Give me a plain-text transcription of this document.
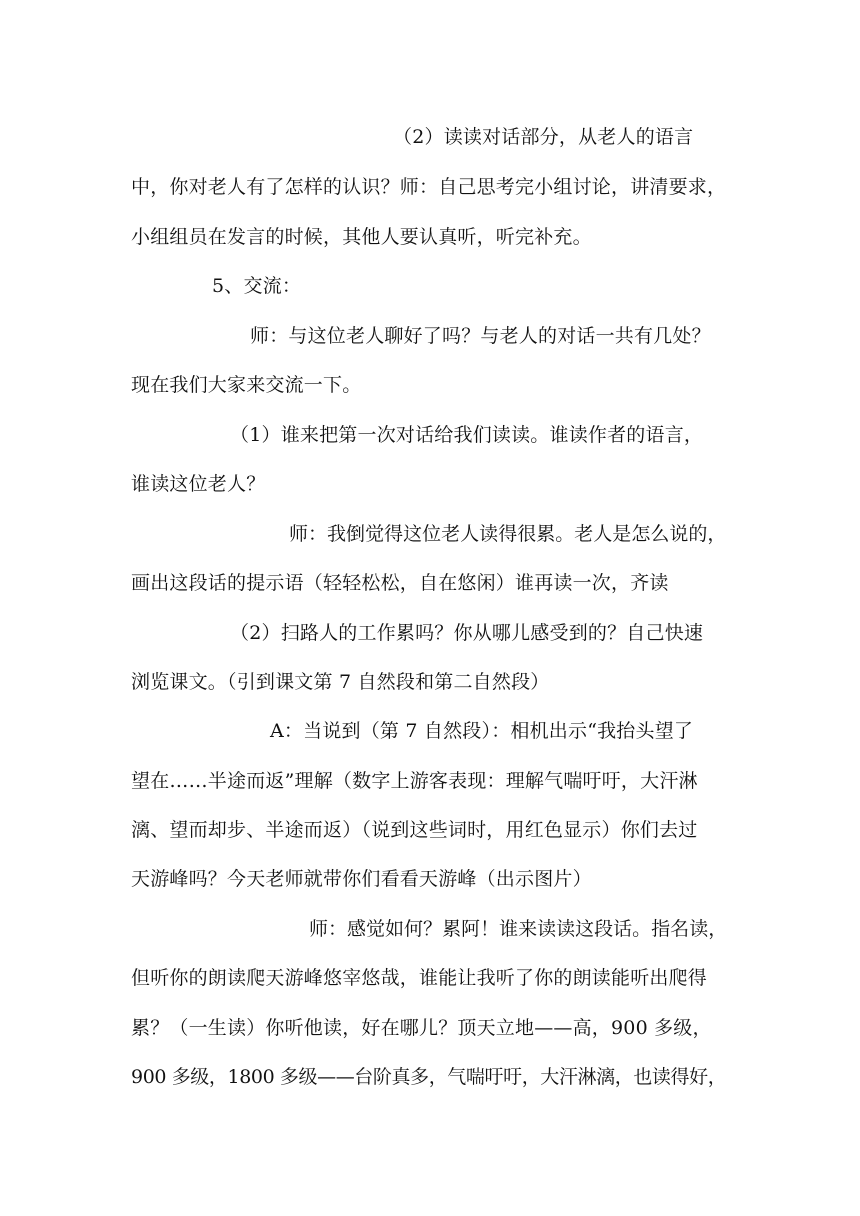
（2）读读对话部分，从老人的语言
中，你对老人有了怎样的认识？师：自己思考完小组讨论，讲清要求，
小组组员在发言的时候，其他人要认真听，听完补充。
5、交流：
师：与这位老人聊好了吗？与老人的对话一共有几处？
现在我们大家来交流一下。
（1）谁来把第一次对话给我们读读。谁读作者的语言，
谁读这位老人？
师：我倒觉得这位老人读得很累。老人是怎么说的，
画出这段话的提示语（轻轻松松，自在悠闲）谁再读一次，齐读
（2）扫路人的工作累吗？你从哪儿感受到的？自己快速
浏览课文。（引到课文第 7 自然段和第二自然段）
A：当说到（第 7 自然段）：相机出示“我抬头望了
望在……半途而返”理解（数字上游客表现：理解气喘吁吁，大汗淋
漓、望而却步、半途而返）（说到这些词时，用红色显示）你们去过
天游峰吗？今天老师就带你们看看天游峰（出示图片）
师：感觉如何？累阿！谁来读读这段话。指名读，
但听你的朗读爬天游峰悠宰悠哉，谁能让我听了你的朗读能听出爬得
累？（一生读）你听他读，好在哪儿？顶天立地——高，900 多级，
900 多级，1800 多级——台阶真多，气喘吁吁，大汗淋漓，也读得好，
